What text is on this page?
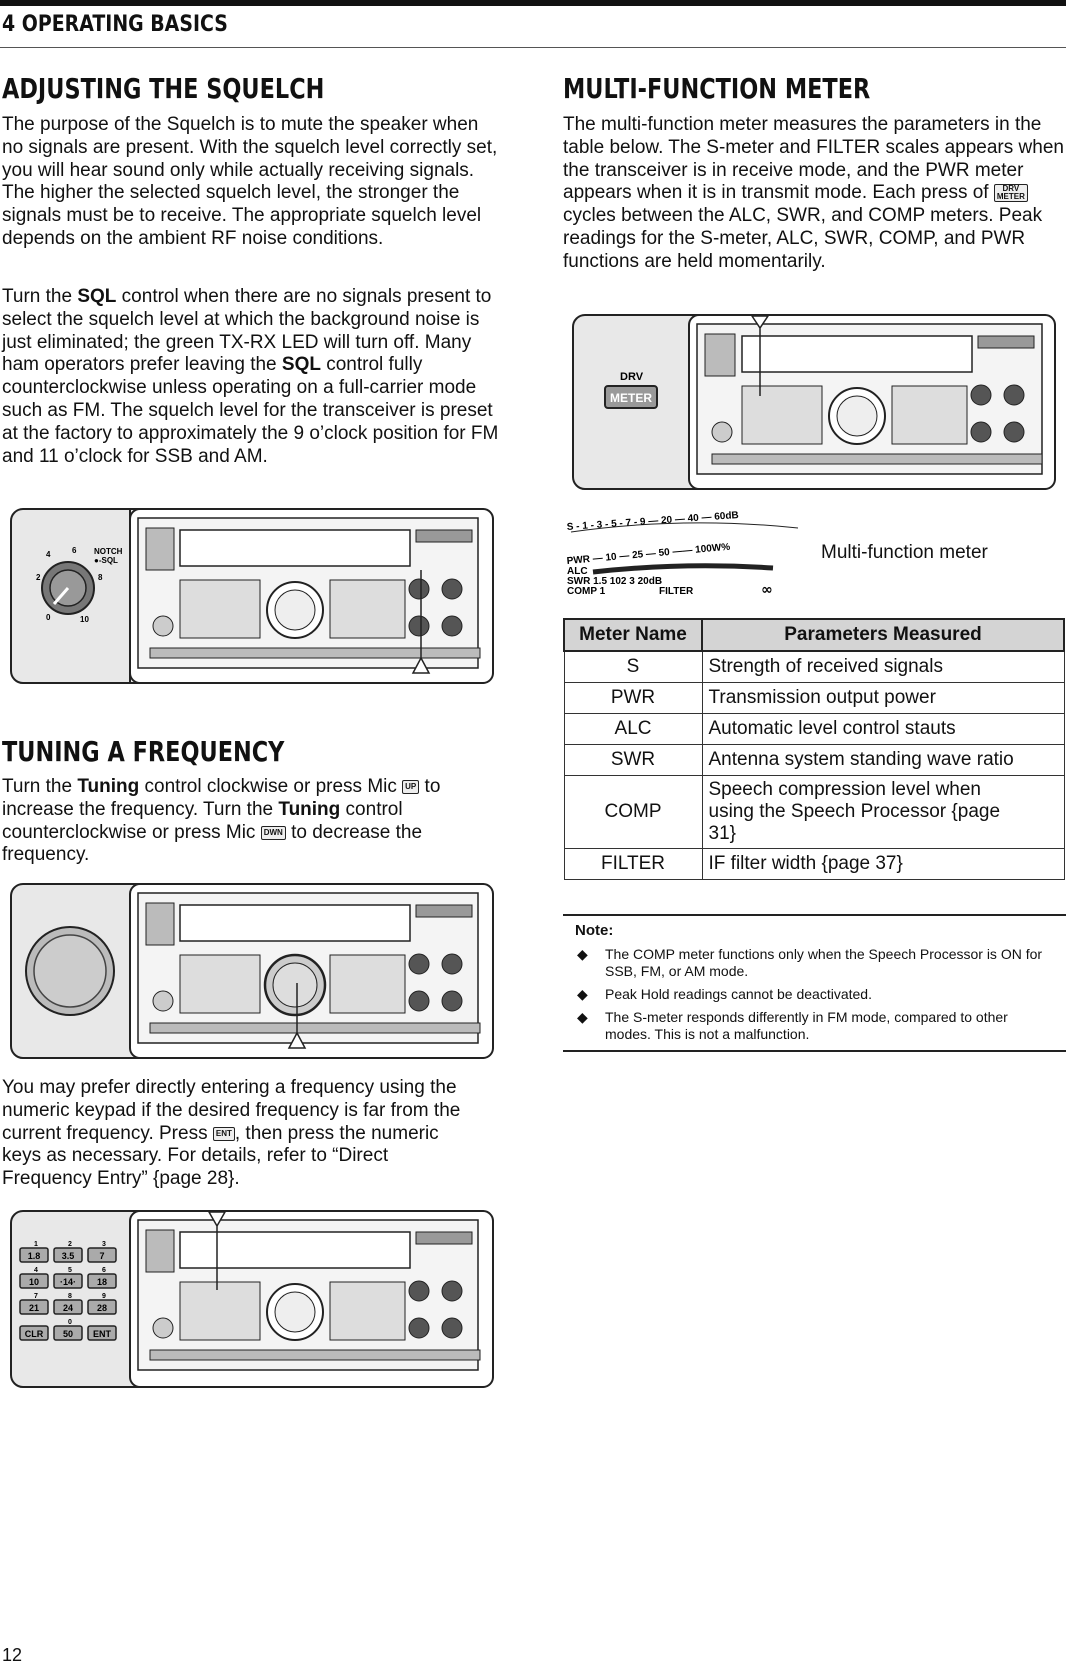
4 OPERATING BASICS
ADJUSTING THE SQUELCH

The purpose of the Squelch is to mute the speaker when no signals are present. With the squelch level correctly set, you will hear sound only while actually receiving signals. The higher the selected squelch level, the stronger the signals must be to receive. The appropriate squelch level depends on the ambient RF noise conditions.

Turn the SQL control when there are no signals present to select the squelch level at which the background noise is just eliminated; the green TX-RX LED will turn off. Many ham operators prefer leaving the SQL control fully counterclockwise unless operating on a full-carrier mode such as FM. The squelch level for the transceiver is preset at the factory to approximately the 9 o’clock position for FM and 11 o’clock for SSB and AM.

2
4	6
8
10
0
NOTCH
●-SQL
TUNING A FREQUENCY

Turn the Tuning control clockwise or press Mic UP to increase the frequency. Turn the Tuning control counterclockwise or press Mic DWN to decrease the frequency.

You may prefer directly entering a frequency using the numeric keypad if the desired frequency is far from the current frequency. Press ENT , then press the numeric keys as necessary. For details, refer to “Direct Frequency Entry” {page 28}.

1
1.8
2
3.5
3
7
4
10
5
·14·
6
18
7
21
8
24
9
28
CLR
0
50 ENT
MULTI-FUNCTION METER

The multi-function meter measures the parameters in the table below. The S-meter and FILTER scales appears when the transceiver is in receive mode, and the PWR meter appears when it is in transmit mode. Each press of DRV
METER cycles between the ALC, SWR, and COMP meters. Peak readings for the S-meter, ALC, SWR, COMP, and PWR functions are held momentarily.

DRV
METER
S - 1 - 3 - 5 - 7 - 9 — 20 — 40 — 60dB
PWR — 10 — 25 — 50 —— 100W%
ALC
SWR 1.5 102 3 20dB
COMP 1	FILTER	∞
Multi-function meter
Meter Name	Parameters Measured
S	Strength of received signals
PWR	Transmission output power
ALC	Automatic level control stauts
SWR	Antenna system standing wave ratio
COMP	Speech compression level when using the Speech Processor {page 31}
FILTER	IF filter width {page 37}
Note:
◆ The COMP meter functions only when the Speech Processor is ON for SSB, FM, or AM mode.
◆ Peak Hold readings cannot be deactivated.
◆ The S-meter responds differently in FM mode, compared to other modes. This is not a malfunction.
12
